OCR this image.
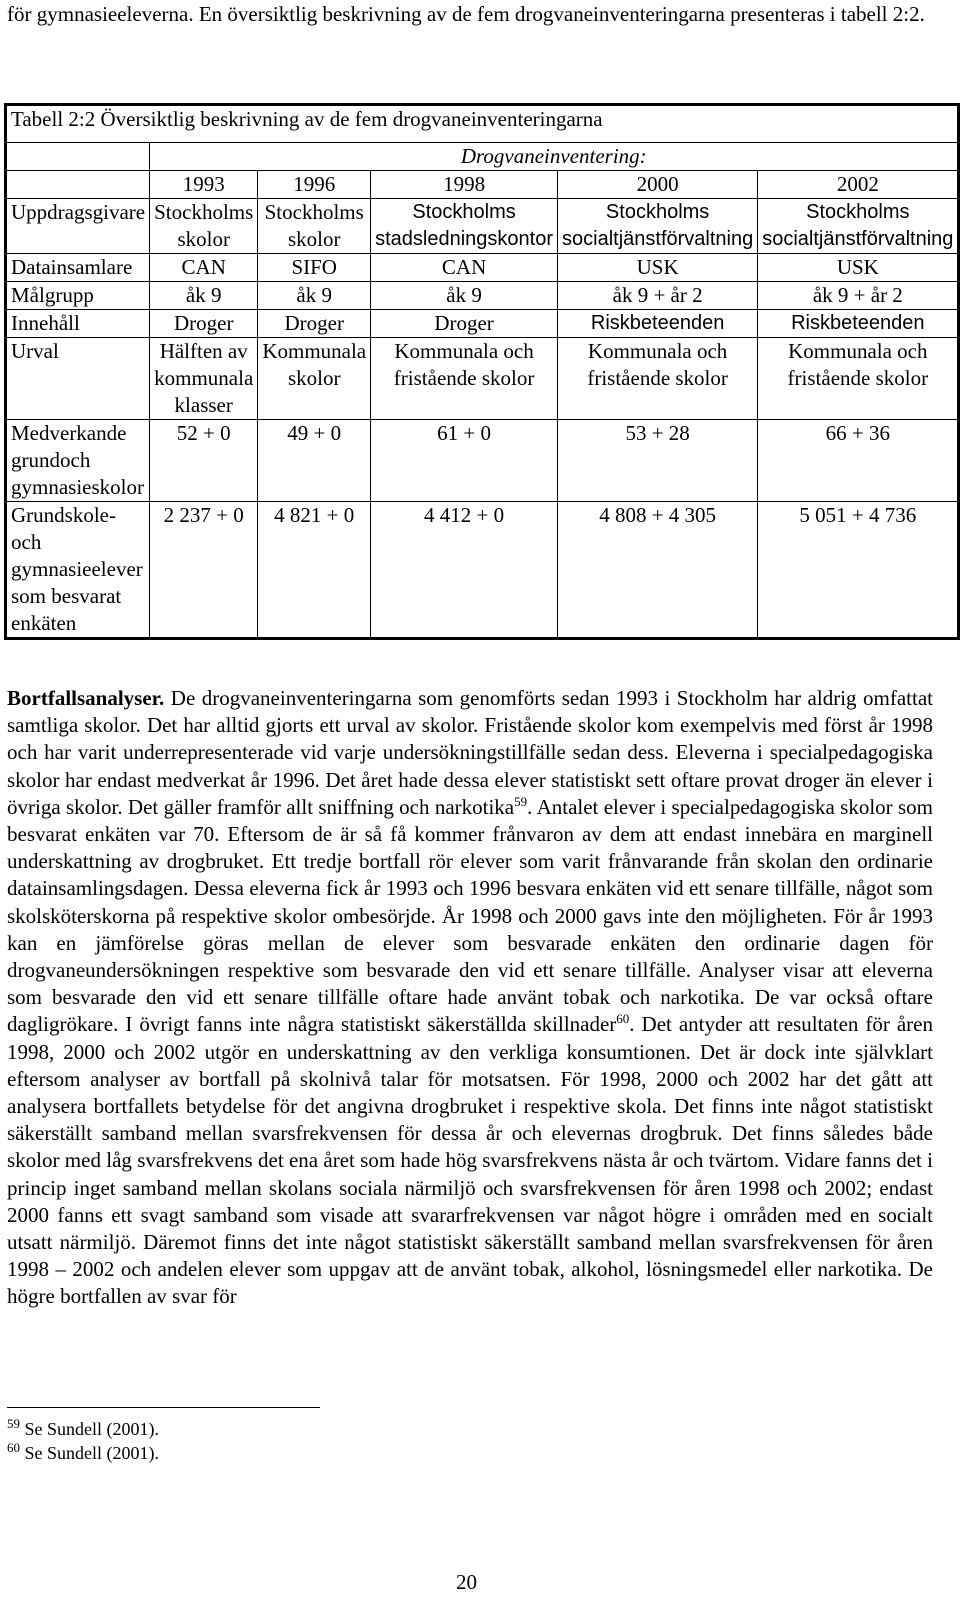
för gymnasieeleverna. En översiktlig beskrivning av de fem drogvaneinventeringarna presenteras i tabell 2:2.
Tabell 2:2 Översiktlig beskrivning av de fem drogvaneinventeringarna					
	Drogvaneinventering:				
	1993	1996	1998	2000	2002
Uppdragsgivare	Stockholms skolor	Stockholms skolor	Stockholms stadsledningskontor	Stockholms socialtjänstförvaltning	Stockholms socialtjänstförvaltning
Datainsamlare	CAN	SIFO	CAN	USK	USK
Målgrupp	åk 9	åk 9	åk 9	åk 9 + år 2	åk 9 + år 2
Innehåll	Droger	Droger	Droger	Riskbeteenden	Riskbeteenden
Urval	Hälften av kommunala klasser	Kommunala skolor	Kommunala och fristående skolor	Kommunala och fristående skolor	Kommunala och fristående skolor
Medverkande grundoch gymnasieskolor	52 + 0	49 + 0	61 + 0	53 + 28	66 + 36
Grundskole- och gymnasieelever som besvarat enkäten	2 237 + 0	4 821 + 0	4 412 + 0	4 808 + 4 305	5 051 + 4 736
Bortfallsanalyser. De drogvaneinventeringarna som genomförts sedan 1993 i Stockholm har aldrig omfattat samtliga skolor. Det har alltid gjorts ett urval av skolor. Fristående skolor kom exempelvis med först år 1998 och har varit underrepresenterade vid varje undersökningstillfälle sedan dess. Eleverna i specialpedagogiska skolor har endast medverkat år 1996. Det året hade dessa elever statistiskt sett oftare provat droger än elever i övriga skolor. Det gäller framför allt sniffning och narkotika$^{59}$. Antalet elever i specialpedagogiska skolor som besvarat enkäten var 70. Eftersom de är så få kommer frånvaron av dem att endast innebära en marginell underskattning av drogbruket. Ett tredje bortfall rör elever som varit frånvarande från skolan den ordinarie datainsamlingsdagen. Dessa eleverna fick år 1993 och 1996 besvara enkäten vid ett senare tillfälle, något som skolsköterskorna på respektive skolor ombesörjde. År 1998 och 2000 gavs inte den möjligheten. För år 1993 kan en jämförelse göras mellan de elever som besvarade enkäten den ordinarie dagen för drogvaneundersökningen respektive som besvarade den vid ett senare tillfälle. Analyser visar att eleverna som besvarade den vid ett senare tillfälle oftare hade använt tobak och narkotika. De var också oftare dagligrökare. I övrigt fanns inte några statistiskt säkerställda skillnader$^{60}$. Det antyder att resultaten för åren 1998, 2000 och 2002 utgör en underskattning av den verkliga konsumtionen. Det är dock inte självklart eftersom analyser av bortfall på skolnivå talar för motsatsen. För 1998, 2000 och 2002 har det gått att analysera bortfallets betydelse för det angivna drogbruket i respektive skola. Det finns inte något statistiskt säkerställt samband mellan svarsfrekvensen för dessa år och elevernas drogbruk. Det finns således både skolor med låg svarsfrekvens det ena året som hade hög svarsfrekvens nästa år och tvärtom. Vidare fanns det i princip inget samband mellan skolans sociala närmiljö och svarsfrekvensen för åren 1998 och 2002; endast 2000 fanns ett svagt samband som visade att svararfrekvensen var något högre i områden med en socialt utsatt närmiljö. Däremot finns det inte något statistiskt säkerställt samband mellan svarsfrekvensen för åren 1998 – 2002 och andelen elever som uppgav att de använt tobak, alkohol, lösningsmedel eller narkotika. De högre bortfallen av svar för
$^{59}$ Se Sundell (2001).
$^{60}$ Se Sundell (2001).
20
